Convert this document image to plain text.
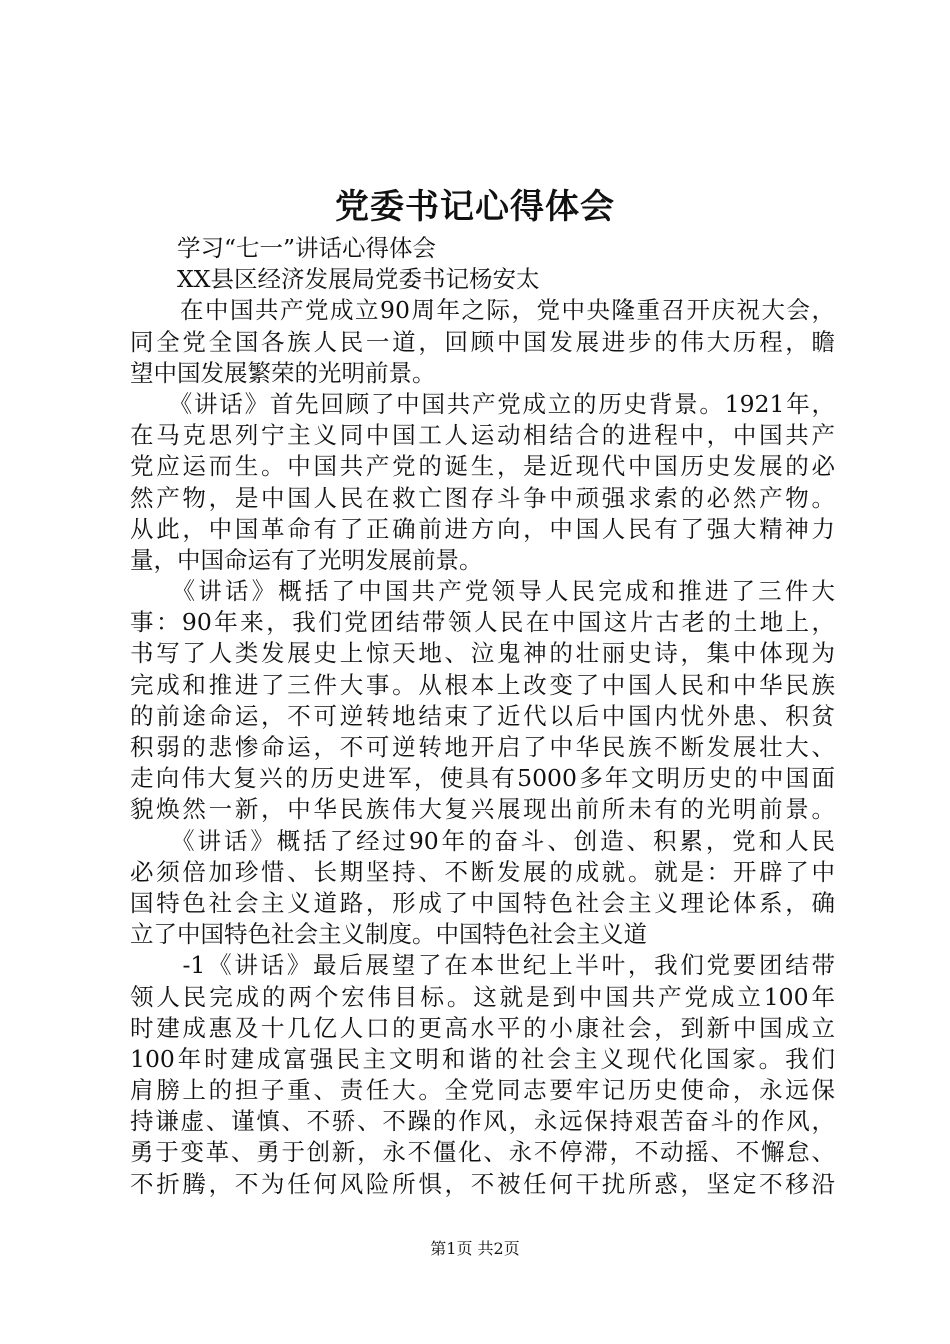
党委书记心得体会
　　学习“七一”讲话心得体会
　　XX县区经济发展局党委书记杨安太
　　在中国共产党成立90周年之际，党中央隆重召开庆祝大会，
同全党全国各族人民一道，回顾中国发展进步的伟大历程，瞻
望中国发展繁荣的光明前景。
　　《讲话》首先回顾了中国共产党成立的历史背景。1921年，
在马克思列宁主义同中国工人运动相结合的进程中，中国共产
党应运而生。中国共产党的诞生，是近现代中国历史发展的必
然产物，是中国人民在救亡图存斗争中顽强求索的必然产物。
从此，中国革命有了正确前进方向，中国人民有了强大精神力
量，中国命运有了光明发展前景。
　　《讲话》概括了中国共产党领导人民完成和推进了三件大
事：90年来，我们党团结带领人民在中国这片古老的土地上，
书写了人类发展史上惊天地、泣鬼神的壮丽史诗，集中体现为
完成和推进了三件大事。从根本上改变了中国人民和中华民族
的前途命运，不可逆转地结束了近代以后中国内忧外患、积贫
积弱的悲惨命运，不可逆转地开启了中华民族不断发展壮大、
走向伟大复兴的历史进军，使具有5000多年文明历史的中国面
貌焕然一新，中华民族伟大复兴展现出前所未有的光明前景。
　　《讲话》概括了经过90年的奋斗、创造、积累，党和人民
必须倍加珍惜、长期坚持、不断发展的成就。就是：开辟了中
国特色社会主义道路，形成了中国特色社会主义理论体系，确
立了中国特色社会主义制度。中国特色社会主义道
　　-1《讲话》最后展望了在本世纪上半叶，我们党要团结带
领人民完成的两个宏伟目标。这就是到中国共产党成立100年
时建成惠及十几亿人口的更高水平的小康社会，到新中国成立
100年时建成富强民主文明和谐的社会主义现代化国家。我们
肩膀上的担子重、责任大。全党同志要牢记历史使命，永远保
持谦虚、谨慎、不骄、不躁的作风，永远保持艰苦奋斗的作风，
勇于变革、勇于创新，永不僵化、永不停滞，不动摇、不懈怠、
不折腾，不为任何风险所惧，不被任何干扰所惑，坚定不移沿
第1页 共2页
